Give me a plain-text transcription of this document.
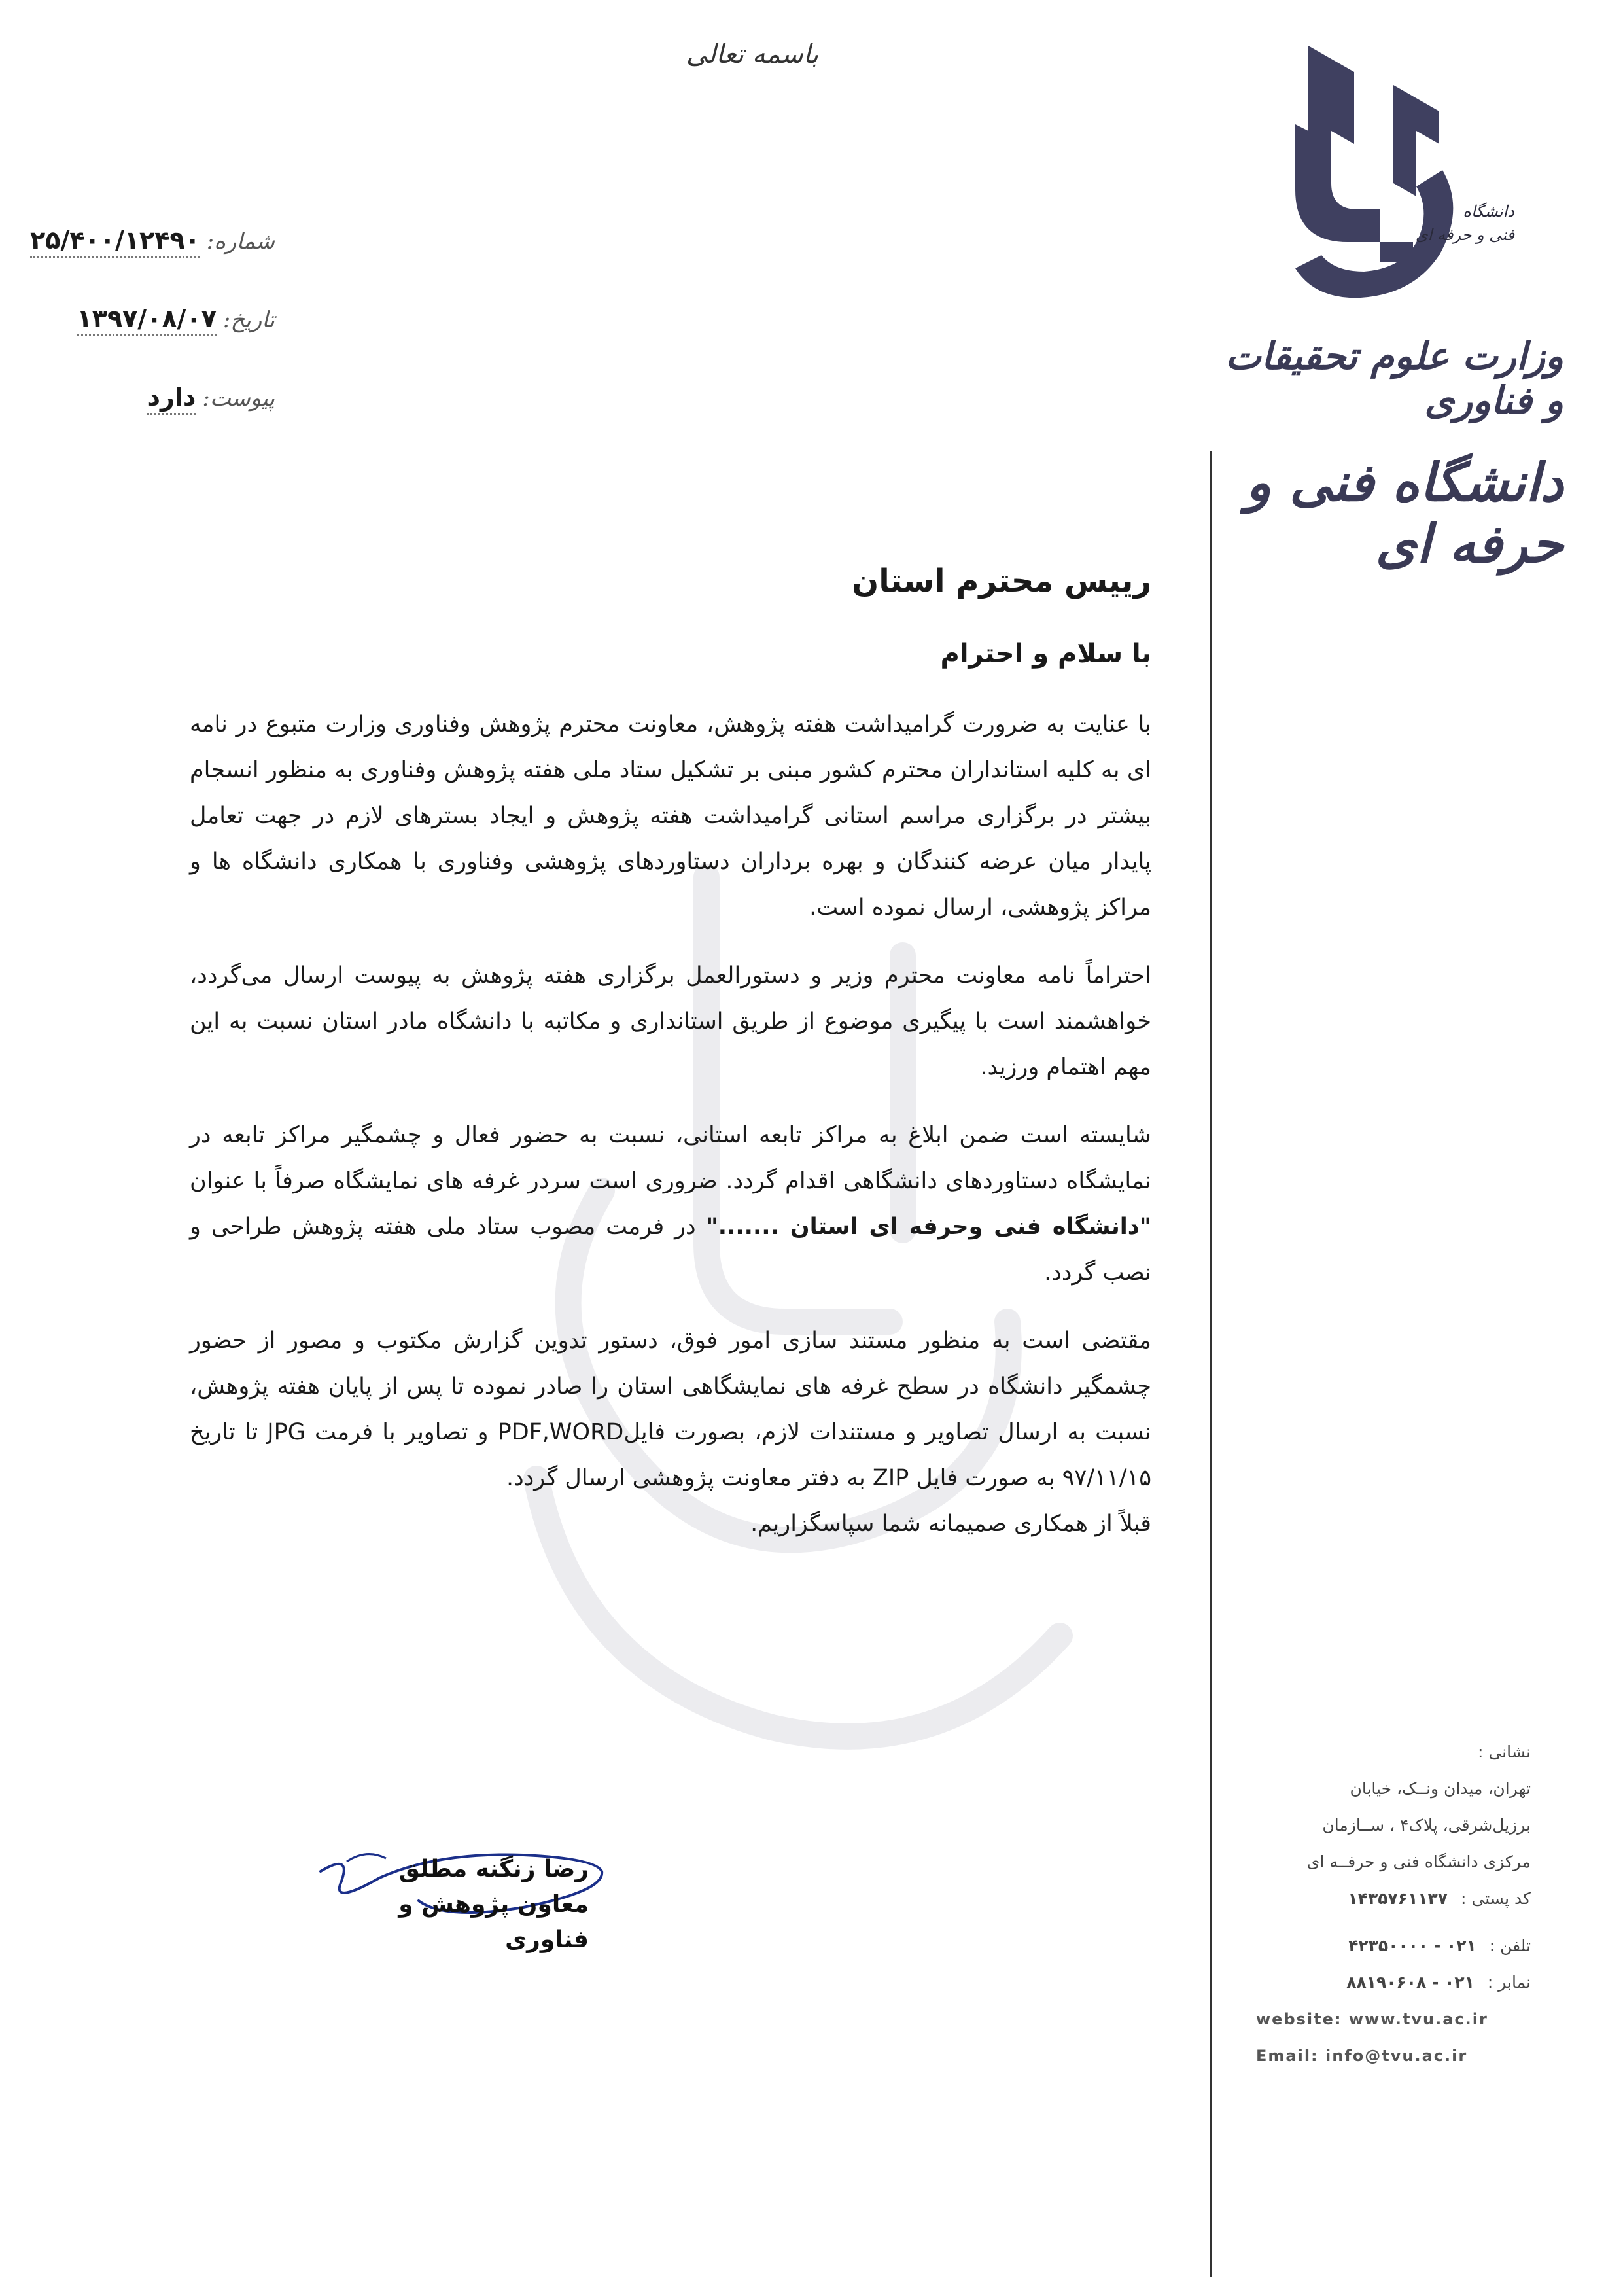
باسمه تعالی
دانشگاه
فنی و حرفه ای
وزارت علوم تحقیقات و فناوری
دانشگاه فنی و حرفه ای
شماره:
۲۵/۴۰۰/۱۲۴۹۰
تاریخ:
۱۳۹۷/۰۸/۰۷
پیوست:
دارد
رییس محترم استان
با سلام و احترام

با عنایت به ضرورت گرامیداشت هفته پژوهش، معاونت محترم پژوهش وفناوری وزارت متبوع در نامه ای به کلیه استانداران محترم کشور مبنی بر تشکیل ستاد ملی هفته پژوهش وفناوری به منظور انسجام بیشتر در برگزاری مراسم استانی گرامیداشت هفته پژوهش و ایجاد بسترهای لازم در جهت تعامل پایدار میان عرضه کنندگان و بهره برداران دستاوردهای پژوهشی وفناوری با همکاری دانشگاه ها و مراکز پژوهشی، ارسال نموده است.

احتراماً نامه معاونت محترم وزیر و دستورالعمل برگزاری هفته پژوهش به پیوست ارسال می‌گردد، خواهشمند است با پیگیری موضوع از طریق استانداری و مکاتبه با دانشگاه مادر استان نسبت به این مهم اهتمام ورزید.

شایسته است ضمن ابلاغ به مراکز تابعه استانی، نسبت به حضور فعال و چشمگیر مراکز تابعه در نمایشگاه دستاوردهای دانشگاهی اقدام گردد. ضروری است سردر غرفه های نمایشگاه صرفاً با عنوان "دانشگاه فنی وحرفه ای استان ......." در فرمت مصوب ستاد ملی هفته پژوهش طراحی و نصب گردد.

مقتضی است به منظور مستند سازی امور فوق، دستور تدوین گزارش مکتوب و مصور از حضور چشمگیر دانشگاه در سطح غرفه های نمایشگاهی استان را صادر نموده تا پس از پایان هفته پژوهش، نسبت به ارسال تصاویر و مستندات لازم، بصورت فایلPDF,WORD و تصاویر با فرمت JPG تا تاریخ ۹۷/۱۱/۱۵ به صورت فایل ZIP به دفتر معاونت پژوهشی ارسال گردد.

قبلاً از همکاری صمیمانه شما سپاسگزاریم.

رضا زنگنه مطلق
معاون پژوهش و فناوری
نشانی :
تهران، میدان ونــک، خیابان
برزیل‌شرقی، پلاک۴ ، ســازمان
مرکزی دانشگاه فنی و حرفــه ای
کد پستی :۱۴۳۵۷۶۱۱۳۷
تلفن :۰۲۱ - ۴۲۳۵۰۰۰۰
نمابر :۰۲۱ - ۸۸۱۹۰۶۰۸
website: www.tvu.ac.ir
Email: info@tvu.ac.ir
